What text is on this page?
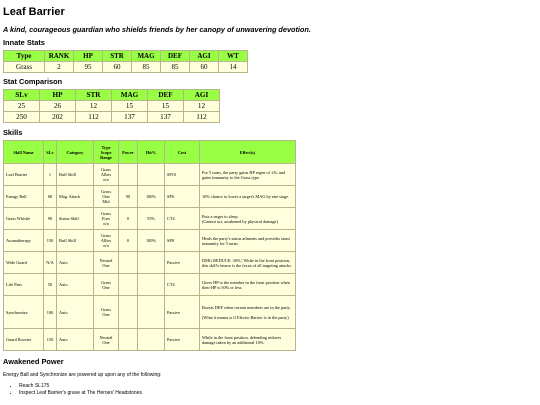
Leaf Barrier

A kind, courageous guardian who shields friends by her canopy of unwavering devotion.

Innate Stats
Type	RANK	HP	STR	MAG	DEF	AGI	WT
Grass	2	95	60	85	85	60	14
Stat Comparison
SLv	HP	STR	MAG	DEF	AGI
25	26	12	15	15	12
250	202	112	137	137	112
Skills
Skill Name	SLv	Category	Type
Scope
Range	Power	Hit%	Cost	Effect(s)
Leaf Barrier	1	Buff Skill	Grass
Allies
n/a			SP10	For 5 turns, the party gains HP regen of 1/6, and gains immunity to the Grass type.
Energy Ball	68	Mag. Attack	Grass
One
Mid	90	100%	SP6	10% chance to lower a target's MAG by one stage.
Grass Whistle	90	Status Skill	Grass
Foes
n/a	0	55%	CT4	Puts a target to sleep.
(Cannot act, awakened by physical damage)
Aromatherapy	150	Buff Skill	Grass
Allies
n/a	0	100%	SP8	Heals the party's status ailments and provides taunt immunity for 5 turns.
Wide Guard	N/A	Auto	Neutral
One			Passive	DMG REDUCE: 30% | While in the front position, this skill's bearer is the focus of all targeting attacks.
Life Pass	50	Auto	Grass
One			CT4	Gives HP to the member in the front position when their HP is 50% or less.
Synchronize	100	Auto	Grass
One			Passive	Boosts DEF when certain members are in the party.

(What it means is if Electro Barrier is in the party)
Guard Booster	150	Auto	Neutral
One			Passive	While in the front position, defending reduces damage taken by an additional 10%.
Awakened Power

Energy Ball and Synchronize are powered up upon any of the following:

• Reach SL175
• Inspect Leaf Barrier's grave at The Heroes' Headstones
